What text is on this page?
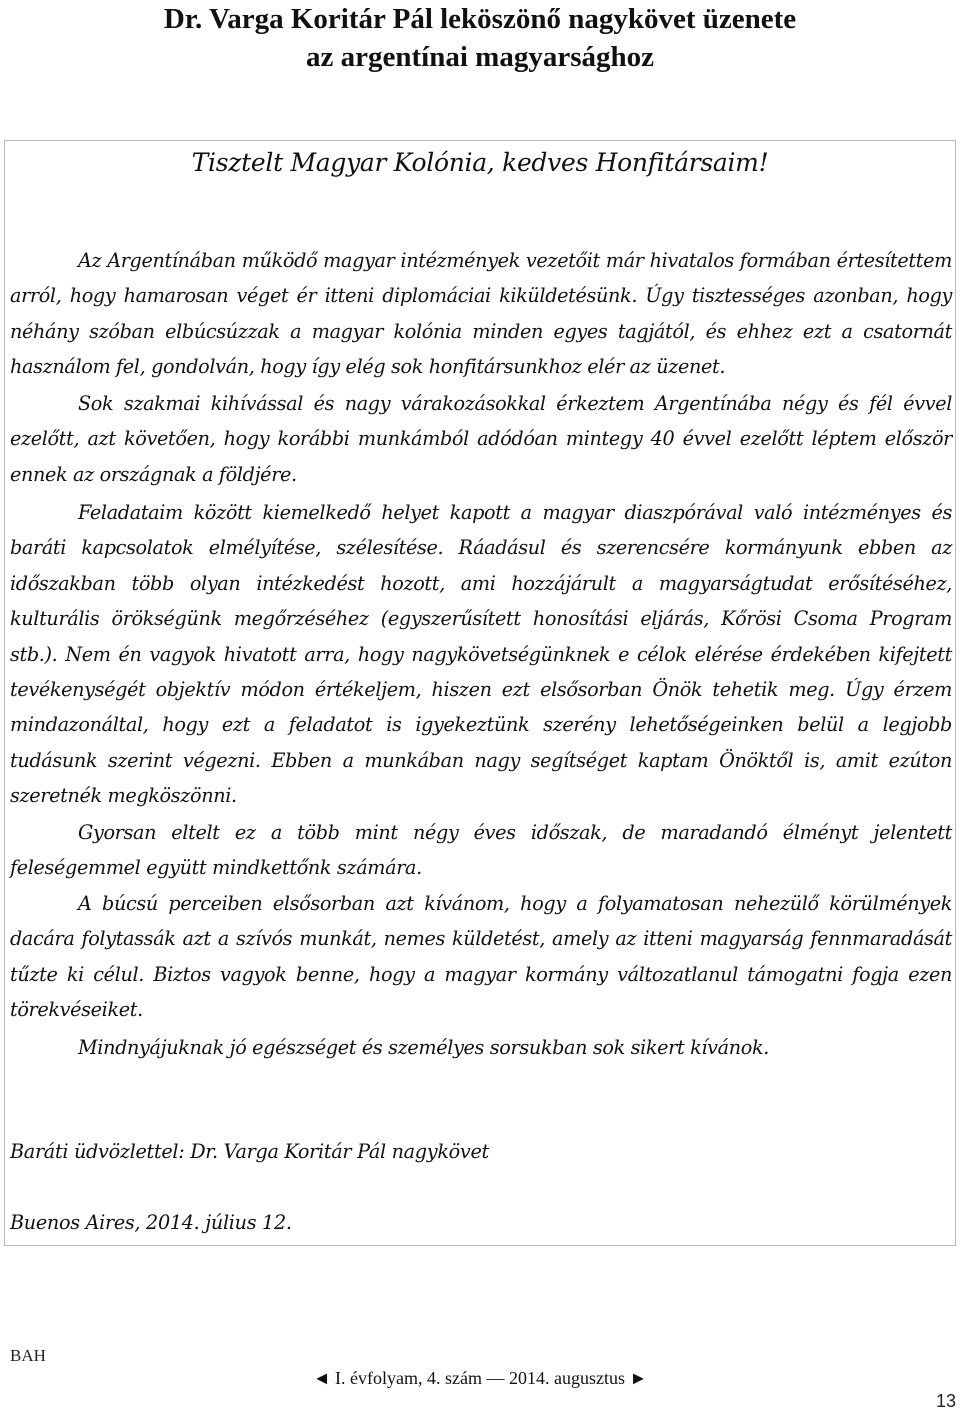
Dr. Varga Koritár Pál leköszönő nagykövet üzenete
az argentínai magyarsághoz
Tisztelt Magyar Kolónia, kedves Honfitársaim!
Az Argentínában működő magyar intézmények vezetőit már hivatalos formában értesítettem arról, hogy hamarosan véget ér itteni diplomáciai kiküldetésünk. Úgy tisztességes azonban, hogy néhány szóban elbúcsúzzak a magyar kolónia minden egyes tagjától, és ehhez ezt a csatornát használom fel, gondolván, hogy így elég sok honfitársunkhoz elér az üzenet.
Sok szakmai kihívással és nagy várakozásokkal érkeztem Argentínába négy és fél évvel ezelőtt, azt követően, hogy korábbi munkámból adódóan mintegy 40 évvel ezelőtt léptem először ennek az országnak a földjére.
Feladataim között kiemelkedő helyet kapott a magyar diaszpórával való intézményes és baráti kapcsolatok elmélyítése, szélesítése. Ráadásul és szerencsére kormányunk ebben az időszakban több olyan intézkedést hozott, ami hozzájárult a magyarságtudat erősítéséhez, kulturális örökségünk megőrzéséhez (egyszerűsített honosítási eljárás, Kőrösi Csoma Program stb.). Nem én vagyok hivatott arra, hogy nagykövetségünknek e célok elérése érdekében kifejtett tevékenységét objektív módon értékeljem, hiszen ezt elsősorban Önök tehetik meg. Úgy érzem mindazonáltal, hogy ezt a feladatot is igyekeztünk szerény lehetőségeinken belül a legjobb tudásunk szerint végezni. Ebben a munkában nagy segítséget kaptam Önöktől is, amit ezúton szeretnék megköszönni.
Gyorsan eltelt ez a több mint négy éves időszak, de maradandó élményt jelentett feleségemmel együtt mindkettőnk számára.
A búcsú perceiben elsősorban azt kívánom, hogy a folyamatosan nehezülő körülmények dacára folytassák azt a szívós munkát, nemes küldetést, amely az itteni magyarság fennmaradását tűzte ki célul. Biztos vagyok benne, hogy a magyar kormány változatlanul támogatni fogja ezen törekvéseiket.
Mindnyájuknak jó egészséget és személyes sorsukban sok sikert kívánok.
Baráti üdvözlettel: Dr. Varga Koritár Pál nagykövet
Buenos Aires, 2014. július 12.
BAH
◄ I. évfolyam, 4. szám — 2014. augusztus ►
13
